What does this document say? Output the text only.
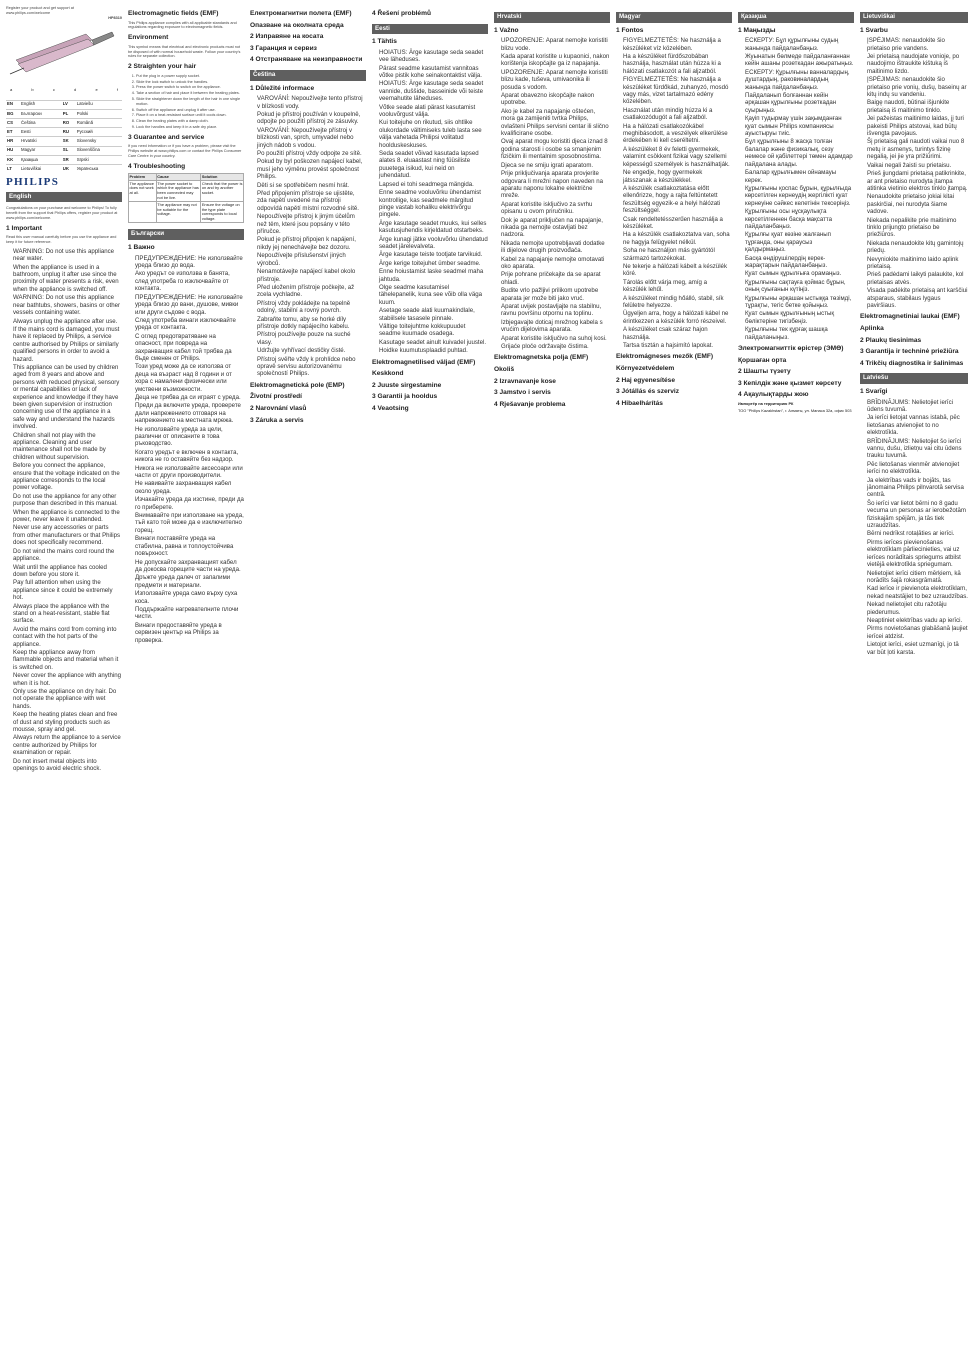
Register your product and get support at
www.philips.com/welcome
HP8310
a	b	c	d	e	f
EN	English	LV	Latviešu
BG	Български	PL	Polski
CS	Čeština	RO	Română
ET	Eesti	RU	Русский
HR	Hrvatski	SK	Slovensky
HU	Magyar	SL	Slovenščina
KK	Қазақша	SR	Srpski
LT	Lietuviškai	UK	Українська
PHILIPS
English

Congratulations on your purchase and welcome to Philips! To fully benefit from the support that Philips offers, register your product at www.philips.com/welcome.

1 Important

Read this user manual carefully before you use the appliance and keep it for future reference.

• WARNING: Do not use this appliance near water.
• When the appliance is used in a bathroom, unplug it after use since the proximity of water presents a risk, even when the appliance is switched off.
• WARNING: Do not use this appliance near bathtubs, showers, basins or other vessels containing water.
• Always unplug the appliance after use.
• If the mains cord is damaged, you must have it replaced by Philips, a service centre authorised by Philips or similarly qualified persons in order to avoid a hazard.
• This appliance can be used by children aged from 8 years and above and persons with reduced physical, sensory or mental capabilities or lack of experience and knowledge if they have been given supervision or instruction concerning use of the appliance in a safe way and understand the hazards involved.
• Children shall not play with the appliance. Cleaning and user maintenance shall not be made by children without supervision.
• Before you connect the appliance, ensure that the voltage indicated on the appliance corresponds to the local power voltage.
• Do not use the appliance for any other purpose than described in this manual.
• When the appliance is connected to the power, never leave it unattended.
• Never use any accessories or parts from other manufacturers or that Philips does not specifically recommend.
• Do not wind the mains cord round the appliance.
• Wait until the appliance has cooled down before you store it.
• Pay full attention when using the appliance since it could be extremely hot.
• Always place the appliance with the stand on a heat-resistant, stable flat surface.
• Avoid the mains cord from coming into contact with the hot parts of the appliance.
• Keep the appliance away from flammable objects and material when it is switched on.
• Never cover the appliance with anything when it is hot.
• Only use the appliance on dry hair. Do not operate the appliance with wet hands.
• Keep the heating plates clean and free of dust and styling products such as mousse, spray and gel.
• Always return the appliance to a service centre authorized by Philips for examination or repair.
• Do not insert metal objects into openings to avoid electric shock.
Electromagnetic fields (EMF)

This Philips appliance complies with all applicable standards and regulations regarding exposure to electromagnetic fields.

Environment

This symbol means that electrical and electronic products must not be disposed of with normal household waste. Follow your country's rules for separate collection.

2 Straighten your hair
1. Put the plug in a power supply socket.
2. Slide the lock switch to unlock the handles.
3. Press the power switch to switch on the appliance.
4. Take a section of hair and place it between the heating plates.
5. Slide the straightener down the length of the hair in one single motion.
6. Switch off the appliance and unplug it after use.
7. Place it on a heat-resistant surface until it cools down.
8. Clean the heating plates with a damp cloth.
9. Lock the handles and keep it in a safe dry place.
3 Guarantee and service

If you need information or if you have a problem, please visit the Philips website at www.philips.com or contact the Philips Consumer Care Centre in your country.

4 Troubleshooting
Problem	Cause	Solution
The appliance does not work at all.	The power socket to which the appliance has been connected may not be live.	Check that the power is on and try another socket.
	The appliance may not be suitable for the voltage.	Ensure the voltage on the type plate corresponds to local voltage.
Български
1 Важно
• ПРЕДУПРЕЖДЕНИЕ: Не използвайте уреда близо до вода.
• Ако уредът се използва в банята, след употреба го изключвайте от контакта.
• ПРЕДУПРЕЖДЕНИЕ: Не използвайте уреда близо до вани, душове, мивки или други съдове с вода.
• След употреба винаги изключвайте уреда от контакта.
• С оглед предотвратяване на опасност, при повреда на захранващия кабел той трябва да бъде сменен от Philips.
• Този уред може да се използва от деца на възраст над 8 години и от хора с намалени физически или умствени възможности.
• Деца не трябва да си играят с уреда.
• Преди да включите уреда, проверете дали напрежението отговаря на напрежението на местната мрежа.
• Не използвайте уреда за цели, различни от описаните в това ръководство.
• Когато уредът е включен в контакта, никога не го оставяйте без надзор.
• Никога не използвайте аксесоари или части от други производители.
• Не навивайте захранващия кабел около уреда.
• Изчакайте уреда да изстине, преди да го приберете.
• Внимавайте при използване на уреда, тъй като той може да е изключително горещ.
• Винаги поставяйте уреда на стабилна, равна и топлоустойчива повърхност.
• Не допускайте захранващият кабел да докосва горещите части на уреда.
• Дръжте уреда далеч от запалими предмети и материали.
• Използвайте уреда само върху суха коса.
• Поддържайте нагревателните плочи чисти.
• Винаги предоставяйте уреда в сервизен център на Philips за проверка.
Електромагнитни полета (EMF)
Опазване на околната среда
2 Изправяне на косата
3 Гаранция и сервиз
4 Отстраняване на неизправности
Čeština
1 Důležité informace
• VAROVÁNÍ: Nepoužívejte tento přístroj v blízkosti vody.
• Pokud je přístroj používán v koupelně, odpojte po použití přístroj ze zásuvky.
• VAROVÁNÍ: Nepoužívejte přístroj v blízkosti van, sprch, umyvadel nebo jiných nádob s vodou.
• Po použití přístroj vždy odpojte ze sítě.
• Pokud by byl poškozen napájecí kabel, musí jeho výměnu provést společnost Philips.
• Děti si se spotřebičem nesmí hrát.
• Před připojením přístroje se ujistěte, zda napětí uvedené na přístroji odpovídá napětí místní rozvodné sítě.
• Nepoužívejte přístroj k jiným účelům než těm, které jsou popsány v této příručce.
• Pokud je přístroj připojen k napájení, nikdy jej nenechávejte bez dozoru.
• Nepoužívejte příslušenství jiných výrobců.
• Nenamotávejte napájecí kabel okolo přístroje.
• Před uložením přístroje počkejte, až zcela vychladne.
• Přístroj vždy pokládejte na tepelně odolný, stabilní a rovný povrch.
• Zabraňte tomu, aby se horké díly přístroje dotkly napájecího kabelu.
• Přístroj používejte pouze na suché vlasy.
• Udržujte vyhřívací destičky čisté.
• Přístroj svěřte vždy k prohlídce nebo opravě servisu autorizovanému společností Philips.
Elektromagnetická pole (EMP)
Životní prostředí
2 Narovnání vlasů
3 Záruka a servis
4 Řešení problémů
Eesti
1 Tähtis
• HOIATUS: Ärge kasutage seda seadet vee läheduses.
• Pärast seadme kasutamist vannitoas võtke pistik kohe seinakontaktist välja.
• HOIATUS: Ärge kasutage seda seadet vannide, duššide, basseinide või teiste veemahutite läheduses.
• Võtke seade alati pärast kasutamist vooluvõrgust välja.
• Kui toitejuhe on rikutud, siis ohtlike olukordade vältimiseks tuleb lasta see välja vahetada Philipsi volitatud hoolduskeskuses.
• Seda seadet võivad kasutada lapsed alates 8. eluaastast ning füüsiliste puuetega isikud, kui neid on juhendatud.
• Lapsed ei tohi seadmega mängida.
• Enne seadme vooluvõrku ühendamist kontrollige, kas seadmele märgitud pinge vastab kohaliku elektrivõrgu pingele.
• Ärge kasutage seadet muuks, kui selles kasutusjuhendis kirjeldatud otstarbeks.
• Ärge kunagi jätke vooluvõrku ühendatud seadet järelevalveta.
• Ärge kasutage teiste tootjate tarvikuid.
• Ärge kerige toitejuhet ümber seadme.
• Enne hoiustamist laske seadmel maha jahtuda.
• Olge seadme kasutamisel tähelepanelik, kuna see võib olla väga kuum.
• Asetage seade alati kuumakindlale, stabiilsele tasasele pinnale.
• Vältige toitejuhtme kokkupuudet seadme kuumade osadega.
• Kasutage seadet ainult kuivadel juustel.
• Hoidke kuumutusplaadid puhtad.
Elektromagnetilised väljad (EMF)
Keskkond
2 Juuste sirgestamine
3 Garantii ja hooldus
4 Veaotsing
Hrvatski
1 Važno
• UPOZORENJE: Aparat nemojte koristiti blizu vode.
• Kada aparat koristite u kupaonici, nakon korištenja iskopčajte ga iz napajanja.
• UPOZORENJE: Aparat nemojte koristiti blizu kade, tuševa, umivaonika ili posuda s vodom.
• Aparat obavezno iskopčajte nakon upotrebe.
• Ako je kabel za napajanje oštećen, mora ga zamijeniti tvrtka Philips, ovlašteni Philips servisni centar ili slično kvalificirane osobe.
• Ovaj aparat mogu koristiti djeca iznad 8 godina starosti i osobe sa smanjenim fizičkim ili mentalnim sposobnostima.
• Djeca se ne smiju igrati aparatom.
• Prije priključivanja aparata provjerite odgovara li mrežni napon naveden na aparatu naponu lokalne električne mreže.
• Aparat koristite isključivo za svrhu opisanu u ovom priručniku.
• Dok je aparat priključen na napajanje, nikada ga nemojte ostavljati bez nadzora.
• Nikada nemojte upotrebljavati dodatke ili dijelove drugih proizvođača.
• Kabel za napajanje nemojte omotavati oko aparata.
• Prije pohrane pričekajte da se aparat ohladi.
• Budite vrlo pažljivi prilikom upotrebe aparata jer može biti jako vruć.
• Aparat uvijek postavljajte na stabilnu, ravnu površinu otpornu na toplinu.
• Izbjegavajte doticaj mrežnog kabela s vrućim dijelovima aparata.
• Aparat koristite isključivo na suhoj kosi.
• Grijaće ploče održavajte čistima.
Elektromagnetska polja (EMF)
Okoliš
2 Izravnavanje kose
3 Jamstvo i servis
4 Rješavanje problema
Magyar
1 Fontos
• FIGYELMEZTETÉS: Ne használja a készüléket víz közelében.
• Ha a készüléket fürdőszobában használja, használat után húzza ki a hálózati csatlakozót a fali aljzatból.
• FIGYELMEZTETÉS: Ne használja a készüléket fürdőkád, zuhanyzó, mosdó vagy más, vizet tartalmazó edény közelében.
• Használat után mindig húzza ki a csatlakozódugót a fali aljzatból.
• Ha a hálózati csatlakozókábel meghibásodott, a veszélyek elkerülése érdekében ki kell cseréltetni.
• A készüléket 8 év feletti gyermekek, valamint csökkent fizikai vagy szellemi képességű személyek is használhatják.
• Ne engedje, hogy gyermekek játsszanak a készülékkel.
• A készülék csatlakoztatása előtt ellenőrizze, hogy a rajta feltüntetett feszültség egyezik-e a helyi hálózati feszültséggel.
• Csak rendeltetésszerűen használja a készüléket.
• Ha a készülék csatlakoztatva van, soha ne hagyja felügyelet nélkül.
• Soha ne használjon más gyártótól származó tartozékokat.
• Ne tekerje a hálózati kábelt a készülék köré.
• Tárolás előtt várja meg, amíg a készülék lehűl.
• A készüléket mindig hőálló, stabil, sík felületre helyezze.
• Ügyeljen arra, hogy a hálózati kábel ne érintkezzen a készülék forró részeivel.
• A készüléket csak száraz hajon használja.
• Tartsa tisztán a hajsimító lapokat.
Elektromágneses mezők (EMF)
Környezetvédelem
2 Haj egyenesítése
3 Jótállás és szerviz
4 Hibaelhárítás
Қазақша
1 Маңызды
• ЕСКЕРТУ: Бұл құрылғыны судың жанында пайдаланбаңыз.
• Жуынатын бөлмеде пайдаланғаннан кейін ашаны розеткадан ажыратыңыз.
• ЕСКЕРТУ: Құрылғыны ванналардың, душтардың, раковиналардың жанында пайдаланбаңыз.
• Пайдаланып болғаннан кейін әрқашан құрылғыны розеткадан суырыңыз.
• Қауіп тудырмау үшін зақымданған қуат сымын Philips компаниясы ауыстыруы тиіс.
• Бұл құрылғыны 8 жасқа толған балалар және физикалық, сезу немесе ой қабілеттері төмен адамдар пайдалана алады.
• Балалар құрылғымен ойнамауы керек.
• Құрылғыны қоспас бұрын, құрылғыда көрсетілген кернеудің жергілікті қуат кернеуіне сәйкес келетінін тексеріңіз.
• Құрылғыны осы нұсқаулықта көрсетілгеннен басқа мақсатта пайдаланбаңыз.
• Құрылғы қуат көзіне жалғанып тұрғанда, оны қараусыз қалдырмаңыз.
• Басқа өндірушілердің керек-жарақтарын пайдаланбаңыз.
• Қуат сымын құрылғыға орамаңыз.
• Құрылғыны сақтауға қоймас бұрын, оның суығанын күтіңіз.
• Құрылғыны әрқашан ыстыққа төзімді, тұрақты, тегіс бетке қойыңыз.
• Қуат сымын құрылғының ыстық бөліктеріне тигізбеңіз.
• Құрылғыны тек құрғақ шашқа пайдаланыңыз.
Электромагниттік өрістер (ЭМӨ)
Қоршаған орта
2 Шашты түзету
3 Кепілдік және қызмет көрсету
4 Ақаулықтарды жою
Импортёр на территорию РК
ТОО "Philips Kazakhstan", г. Алматы, ул. Манаса 32а, офис 503
Lietuviškai
1 Svarbu
• ĮSPĖJIMAS: nenaudokite šio prietaiso prie vandens.
• Jei prietaisą naudojate vonioje, po naudojimo ištraukite kištuką iš maitinimo lizdo.
• ĮSPĖJIMAS: nenaudokite šio prietaiso prie vonių, dušų, baseinų ar kitų indų su vandeniu.
• Baigę naudoti, būtinai išjunkite prietaisą iš maitinimo tinklo.
• Jei pažeistas maitinimo laidas, jį turi pakeisti Philips atstovai, kad būtų išvengta pavojaus.
• Šį prietaisą gali naudoti vaikai nuo 8 metų ir asmenys, turintys fizinę negalią, jei jie yra prižiūrimi.
• Vaikai negali žaisti su prietaisu.
• Prieš įjungdami prietaisą patikrinkite, ar ant prietaiso nurodyta įtampa atitinka vietinio elektros tinklo įtampą.
• Nenaudokite prietaiso jokiai kitai paskirčiai, nei nurodyta šiame vadove.
• Niekada nepalikite prie maitinimo tinklo prijungto prietaiso be priežiūros.
• Niekada nenaudokite kitų gamintojų priedų.
• Nevyniokite maitinimo laido aplink prietaisą.
• Prieš padėdami laikyti palaukite, kol prietaisas atvės.
• Visada padėkite prietaisą ant karščiui atsparaus, stabilaus lygaus paviršiaus.
Elektromagnetiniai laukai (EMF)
Aplinka
2 Plaukų tiesinimas
3 Garantija ir techninė priežiūra
4 Trikčių diagnostika ir šalinimas
Latviešu
1 Svarīgi
• BRĪDINĀJUMS: Nelietojiet ierīci ūdens tuvumā.
• Ja ierīci lietojat vannas istabā, pēc lietošanas atvienojiet to no elektrotīkla.
• BRĪDINĀJUMS: Nelietojiet šo ierīci vannu, dušu, izlietņu vai citu ūdens trauku tuvumā.
• Pēc lietošanas vienmēr atvienojiet ierīci no elektrotīkla.
• Ja elektrības vads ir bojāts, tas jānomaina Philips pilnvarotā servisa centrā.
• Šo ierīci var lietot bērni no 8 gadu vecuma un personas ar ierobežotām fiziskajām spējām, ja tās tiek uzraudzītas.
• Bērni nedrīkst rotaļāties ar ierīci.
• Pirms ierīces pievienošanas elektrotīklam pārliecinieties, vai uz ierīces norādītais spriegums atbilst vietējā elektrotīkla spriegumam.
• Nelietojiet ierīci citiem mērķiem, kā norādīts šajā rokasgrāmatā.
• Kad ierīce ir pievienota elektrotīklam, nekad neatstājiet to bez uzraudzības.
• Nekad nelietojiet citu ražotāju piederumus.
• Neaptiniet elektrības vadu ap ierīci.
• Pirms novietošanas glabāšanā ļaujiet ierīcei atdzist.
• Lietojot ierīci, esiet uzmanīgi, jo tā var būt ļoti karsta.
